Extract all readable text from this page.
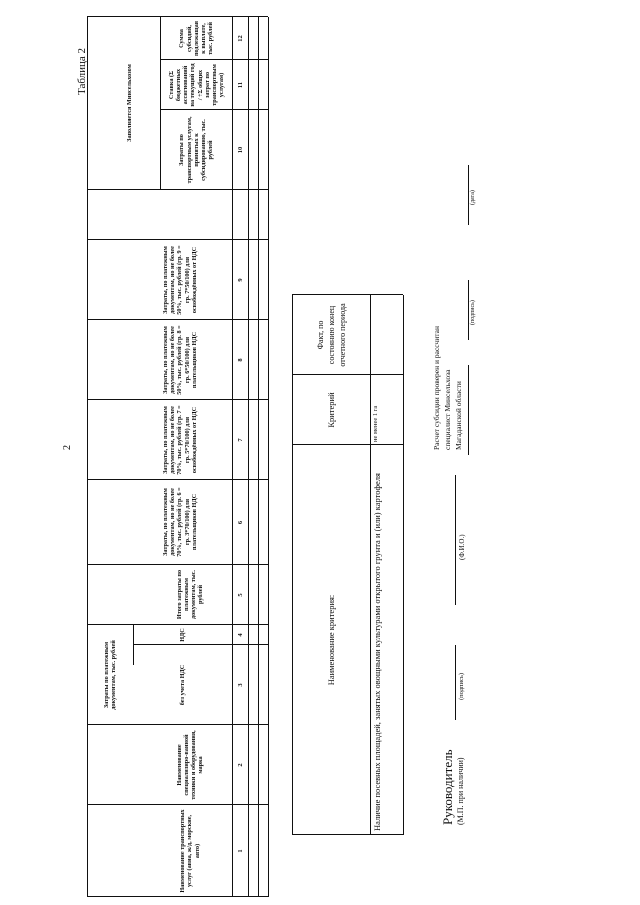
2
Таблица 2
Наименование транспортных услуг (авиа, ж/д, морские, авто)
Наименование специализиро-ванной техники и оборудования, марка
Затраты по платежным документам, тыс. рублей	без учета НДС
НДС
Итого затраты по платежным документам, тыс. рублей
Затраты, по платежным документам, но не более 70%, тыс. рублей (гр. 6 = гр. 3*70/100) для плательщиков НДС
Затраты, по платежным документам, но не более 70%, тыс. рублей (гр. 7 = гр. 5*70/100) для освобождённых от НДС
Затраты, по платежным документам, но не более 50%, тыс. рублей (гр. 8 = гр. 6*50/100) для плательщиков НДС
Затраты, по платежным документам, но не более 50%, тыс. рублей (гр. 9 = гр. 7*50/100) для освобождённых от НДС
Заполняется Минсельхозом
Затраты по транспортным услугам, принятых к субсидированию, тыс. рублей
Ставка (Σ бюджетных ассигнований на текущий год / ÷Σ общих затрат по транспортным услугам)
Сумма субсидий, подлежащая к выплате, тыс. рублей
1
2
3
4
5
6
7
8
9
10
11
12
Наименование критерия:
Критерий
Факт, по состоянию конец отчетного периода
Наличие посевных площадей, занятых овощными культурами открытого грунта и (или) картофеля
не менее 1 га	Расчет субсидии проверен и рассчитан специалист Минсельхоза Магаданской области
(подпись)
(дата)
Руководитель (М.П. при наличии)
(подпись)
(Ф.И.О.)
